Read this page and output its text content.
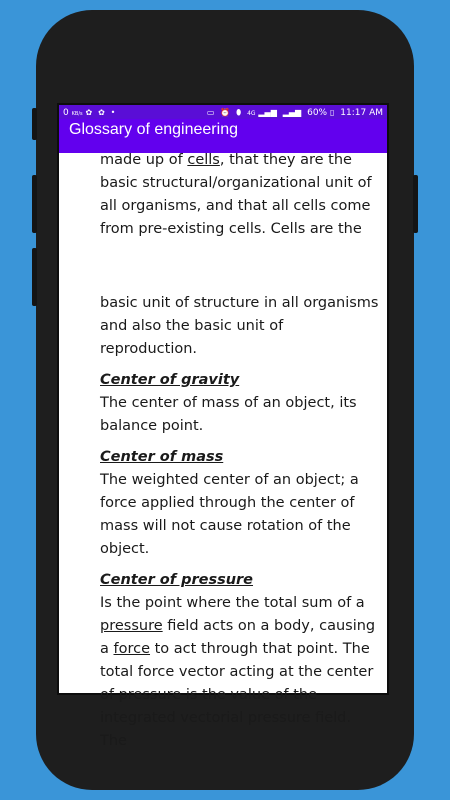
0 KB/s ✿ ✿ •	▭ ⏰ ⬮ 4G ▂▄▆ ▂▄▆ 60% ▯ 11:17 AM
Glossary of engineering

made up of cells, that they are the basic structural/organizational unit of all organisms, and that all cells come from pre-existing cells. Cells are the

basic unit of structure in all organisms and also the basic unit of reproduction.

Center of gravity

The center of mass of an object, its balance point.

Center of mass

The weighted center of an object; a force applied through the center of mass will not cause rotation of the object.

Center of pressure

Is the point where the total sum of a pressure field acts on a body, causing a force to act through that point. The total force vector acting at the center of pressure is the value of the integrated vectorial pressure field. The
